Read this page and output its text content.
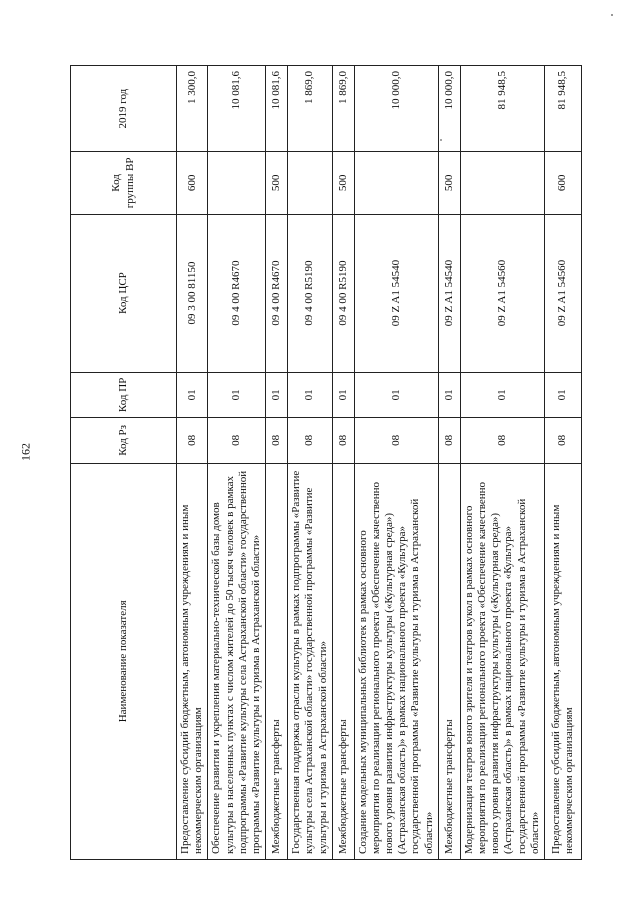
162
Наименование показателя	Код Рз	Код ПР	Код ЦСР	Код группы ВР	2019 год
Предоставление субсидий бюджетным, автономным учреждениям и иным некоммерческим организациям	08	01	09 3 00 81150	600	1 300,0
Обеспечение развития и укрепления материально-технической базы домов культуры в населенных пунктах с числом жителей до 50 тысяч человек в рамках подпрограммы «Развитие культуры села Астраханской области» государственной программы «Развитие культуры и туризма в Астраханской области»	08	01	09 4 00 R4670		10 081,6
Межбюджетные трансферты	08	01	09 4 00 R4670	500	10 081,6
Государственная поддержка отрасли культуры в рамках подпрограммы «Развитие культуры села Астраханской области» государственной программы «Развитие культуры и туризма в Астраханской области»	08	01	09 4 00 R5190		1 869,0
Межбюджетные трансферты	08	01	09 4 00 R5190	500	1 869,0
Создание модельных муниципальных библиотек в рамках основного мероприятия по реализации регионального проекта «Обеспечение качественно нового уровня развития инфраструктуры культуры («Культурная среда») (Астраханская область)» в рамках национального проекта «Культура» государственной программы «Развитие культуры и туризма в Астраханской области»	08	01	09 Z A1 54540		10 000,0
Межбюджетные трансферты	08	01	09 Z A1 54540	500	10 000,0
Модернизация театров юного зрителя и театров кукол в рамках основного мероприятия по реализации регионального проекта «Обеспечение качественно нового уровня развития инфраструктуры культуры («Культурная среда») (Астраханская область)» в рамках национального проекта «Культура» государственной программы «Развитие культуры и туризма в Астраханской области»	08	01	09 Z A1 54560		81 948,5
Предоставление субсидий бюджетным, автономным учреждениям и иным некоммерческим организациям	08	01	09 Z A1 54560	600	81 948,5
